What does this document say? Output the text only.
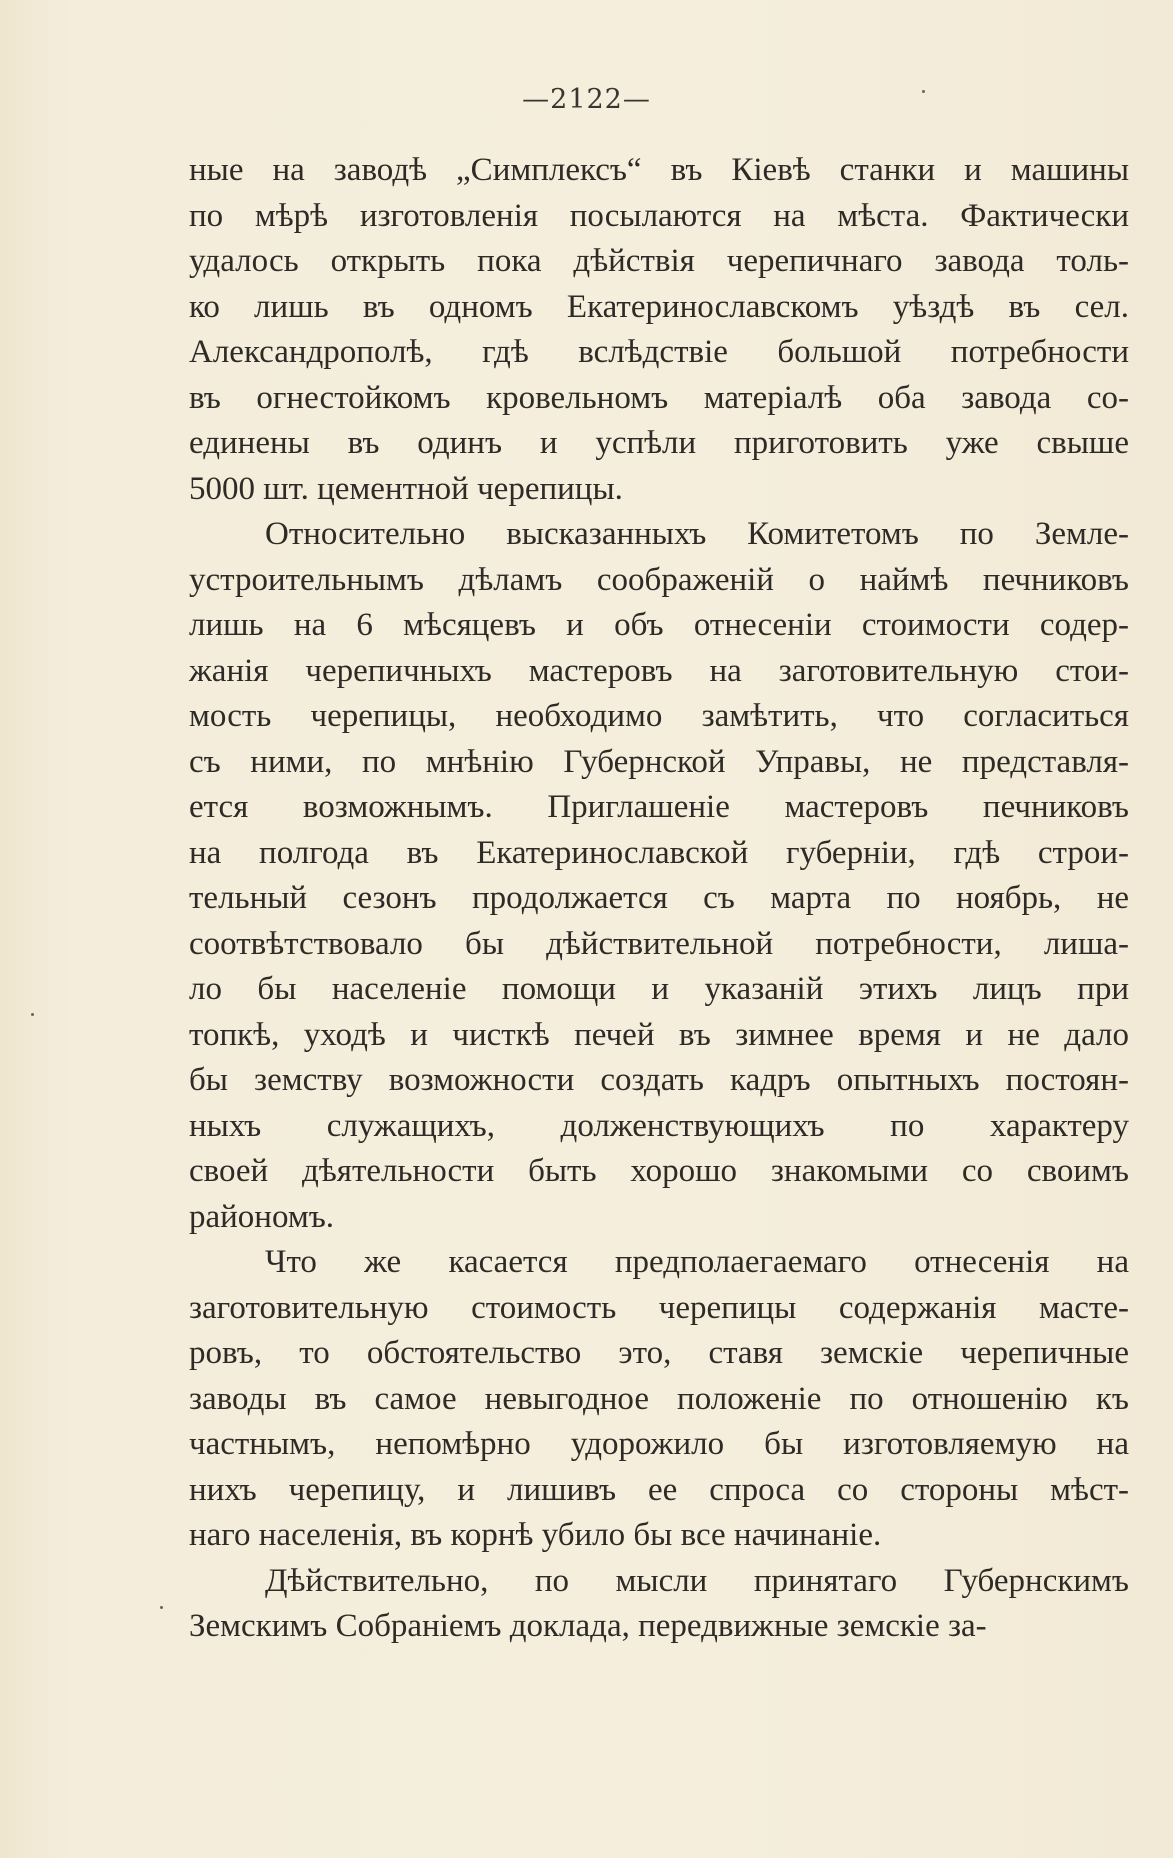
—2122—
ные на заводѣ „Симплексъ“ въ Кіевѣ станки и машины
по мѣрѣ изготовленія посылаются на мѣста. Фактически
удалось открыть пока дѣйствія черепичнаго завода толь-
ко лишь въ одномъ Екатеринославскомъ уѣздѣ въ сел.
Александрополѣ, гдѣ вслѣдствіе большой потребности
въ огнестойкомъ кровельномъ матеріалѣ оба завода со-
единены въ одинъ и успѣли приготовить уже свыше
5000 шт. цементной черепицы.
Относительно высказанныхъ Комитетомъ по Земле-
устроительнымъ дѣламъ соображеній о наймѣ печниковъ
лишь на 6 мѣсяцевъ и объ отнесеніи стоимости содер-
жанія черепичныхъ мастеровъ на заготовительную стои-
мость черепицы, необходимо замѣтить, что согласиться
съ ними, по мнѣнію Губернской Управы, не представля-
ется возможнымъ. Приглашеніе мастеровъ печниковъ
на полгода въ Екатеринославской губерніи, гдѣ строи-
тельный сезонъ продолжается съ марта по ноябрь, не
соотвѣтствовало бы дѣйствительной потребности, лиша-
ло бы населеніе помощи и указаній этихъ лицъ при
топкѣ, уходѣ и чисткѣ печей въ зимнее время и не дало
бы земству возможности создать кадръ опытныхъ постоян-
ныхъ служащихъ, долженствующихъ по характеру
своей дѣятельности быть хорошо знакомыми со своимъ
райономъ.
Что же касается предполаегаемаго отнесенія на
заготовительную стоимость черепицы содержанія масте-
ровъ, то обстоятельство это, ставя земскіе черепичные
заводы въ самое невыгодное положеніе по отношенію къ
частнымъ, непомѣрно удорожило бы изготовляемую на
нихъ черепицу, и лишивъ ее спроса со стороны мѣст-
наго населенія, въ корнѣ убило бы все начинаніе.
Дѣйствительно, по мысли принятаго Губернскимъ
Земскимъ Собраніемъ доклада, передвижные земскіе за-
